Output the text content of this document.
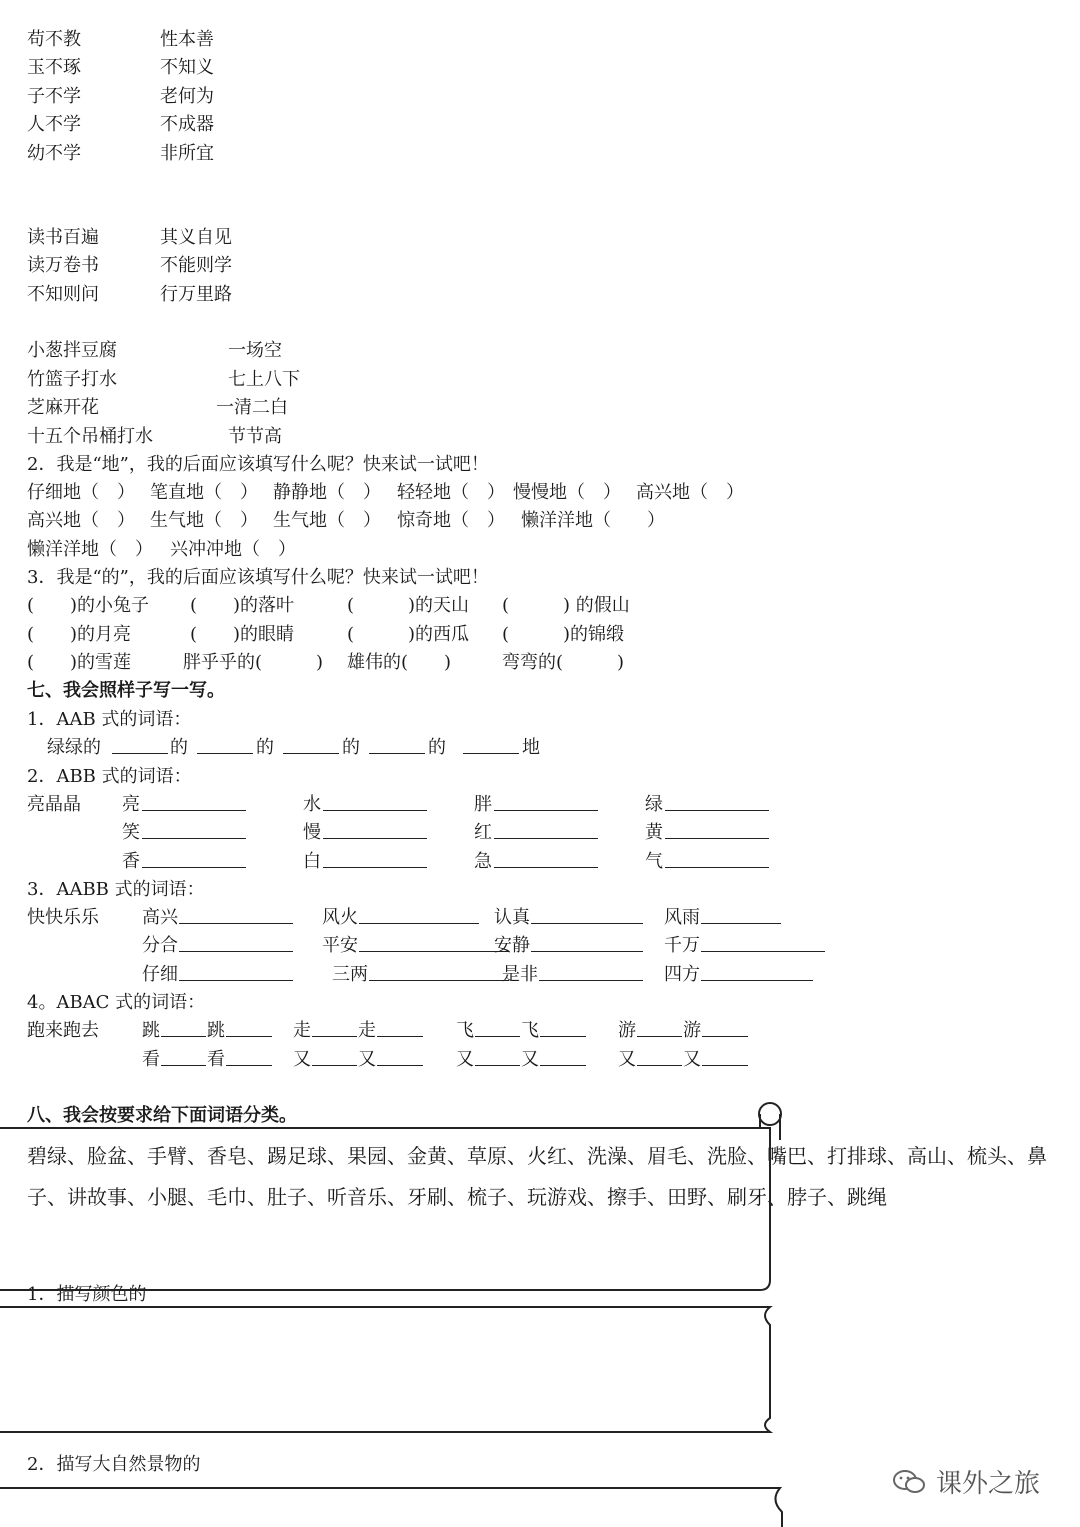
苟不教	性本善
玉不琢	不知义
子不学	老何为
人不学	不成器
幼不学	非所宜
读书百遍	其义自见
读万卷书	不能则学
不知则问	行万里路
小葱拌豆腐	一场空
竹篮子打水	七上八下
芝麻开花	一清二白
十五个吊桶打水	节节高
2．我是“地”，我的后面应该填写什么呢？快来试一试吧！
仔细地（　） 笔直地（　） 静静地（　） 轻轻地（　） 慢慢地（　） 高兴地（　）
高兴地（　） 生气地（　） 生气地（　） 惊奇地（　） 懒洋洋地（　　）
懒洋洋地（　） 兴冲冲地（　）
3．我是“的”，我的后面应该填写什么呢？快来试一试吧！
(　　)的小兔子 (　　)的落叶	(　　　)的天山 (　　　) 的假山
(　　)的月亮	(　　)的眼睛	(　　　)的西瓜 (　　　)的锦缎
(　　)的雪莲	胖乎乎的(　　　) 雄伟的(　　)	弯弯的(　　　)
七、我会照样子写一写。
1．AAB 式的词语：
绿绿的	的	的	的	的	地
2．ABB 式的词语：
亮晶晶 亮	水	胖	绿
笑	慢	红	黄
香	白	急	气
3．AABB 式的词语：
快快乐乐 高兴	风火	认真	风雨
分合	平安	安静	千万
仔细	三两	是非	四方
4。ABAC 式的词语：
跑来跑去 跳	跳	走	走	飞	飞	游	游
看	看	又	又	又	又	又	又
八、我会按要求给下面词语分类。
碧绿、脸盆、手臂、香皂、踢足球、果园、金黄、草原、火红、洗澡、眉毛、洗脸、嘴巴、打排球、高山、梳头、鼻子、讲故事、小腿、毛巾、肚子、听音乐、牙刷、梳子、玩游戏、擦手、田野、刷牙、脖子、跳绳
1．描写颜色的
2．描写大自然景物的
课外之旅
